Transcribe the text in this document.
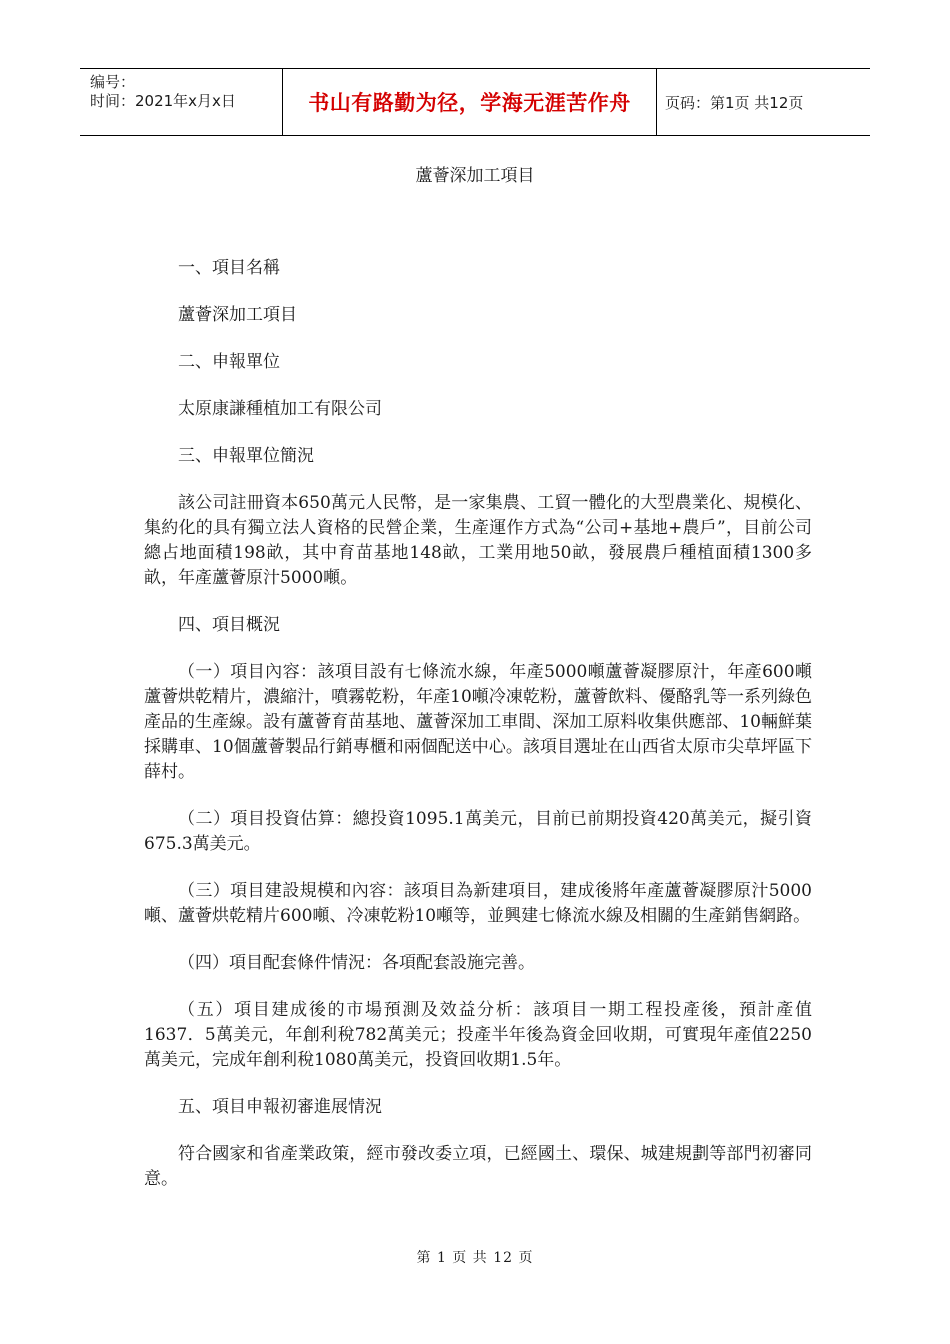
编号：
时间：2021年x月x日	书山有路勤为径，学海无涯苦作舟	页码：第1页 共12页
蘆薈深加工項目

一、項目名稱

蘆薈深加工項目

二、申報單位

太原康謙種植加工有限公司

三、申報單位簡況

該公司註冊資本650萬元人民幣，是一家集農、工貿一體化的大型農業化、規模化、集約化的具有獨立法人資格的民營企業，生產運作方式為“公司+基地+農戶”，目前公司總占地面積198畝，其中育苗基地148畝，工業用地50畝，發展農戶種植面積1300多畝，年產蘆薈原汁5000噸。

四、項目概況

（一）項目內容：該項目設有七條流水線，年產5000噸蘆薈凝膠原汁，年產600噸蘆薈烘乾精片，濃縮汁，噴霧乾粉，年產10噸冷凍乾粉，蘆薈飲料、優酪乳等一系列綠色產品的生產線。設有蘆薈育苗基地、蘆薈深加工車間、深加工原料收集供應部、10輛鮮葉採購車、10個蘆薈製品行銷專櫃和兩個配送中心。該項目選址在山西省太原市尖草坪區下薛村。

（二）項目投資估算：總投資1095.1萬美元，目前已前期投資420萬美元，擬引資675.3萬美元。

（三）項目建設規模和內容：該項目為新建項目，建成後將年產蘆薈凝膠原汁5000噸、蘆薈烘乾精片600噸、冷凍乾粉10噸等，並興建七條流水線及相關的生產銷售網路。

（四）項目配套條件情況：各項配套設施完善。

（五）項目建成後的市場預測及效益分析：該項目一期工程投產後，預計產值1637．5萬美元，年創利稅782萬美元；投產半年後為資金回收期，可實現年產值2250萬美元，完成年創利稅1080萬美元，投資回收期1.5年。

五、項目申報初審進展情況

符合國家和省產業政策，經市發改委立項，已經國土、環保、城建規劃等部門初審同意。

第 1 页 共 12 页
